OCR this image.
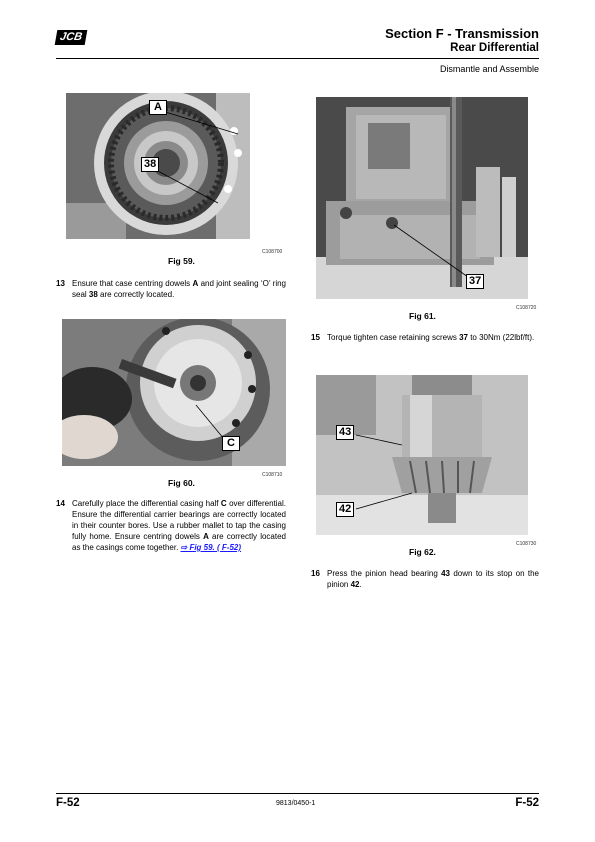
JCB	Section F - Transmission
Rear Differential
Dismantle and Assemble
A
38
C108700
Fig 59.
13 Ensure that case centring dowels A and joint sealing ‘O’ ring seal 38 are correctly located.
C
C108710
Fig 60.
14 Carefully place the differential casing half C over differential. Ensure the differential carrier bearings are correctly located in their counter bores. Use a rubber mallet to tap the casing fully home. Ensure centring dowels A are correctly located as the casings come together. ⇨ Fig 59. ( F-52)
37
C108720
Fig 61.
15 Torque tighten case retaining screws 37 to 30Nm (22lbf/ft).
43
42
C108730
Fig 62.
16 Press the pinion head bearing 43 down to its stop on the pinion 42.
F-52	9813/0450-1	F-52
